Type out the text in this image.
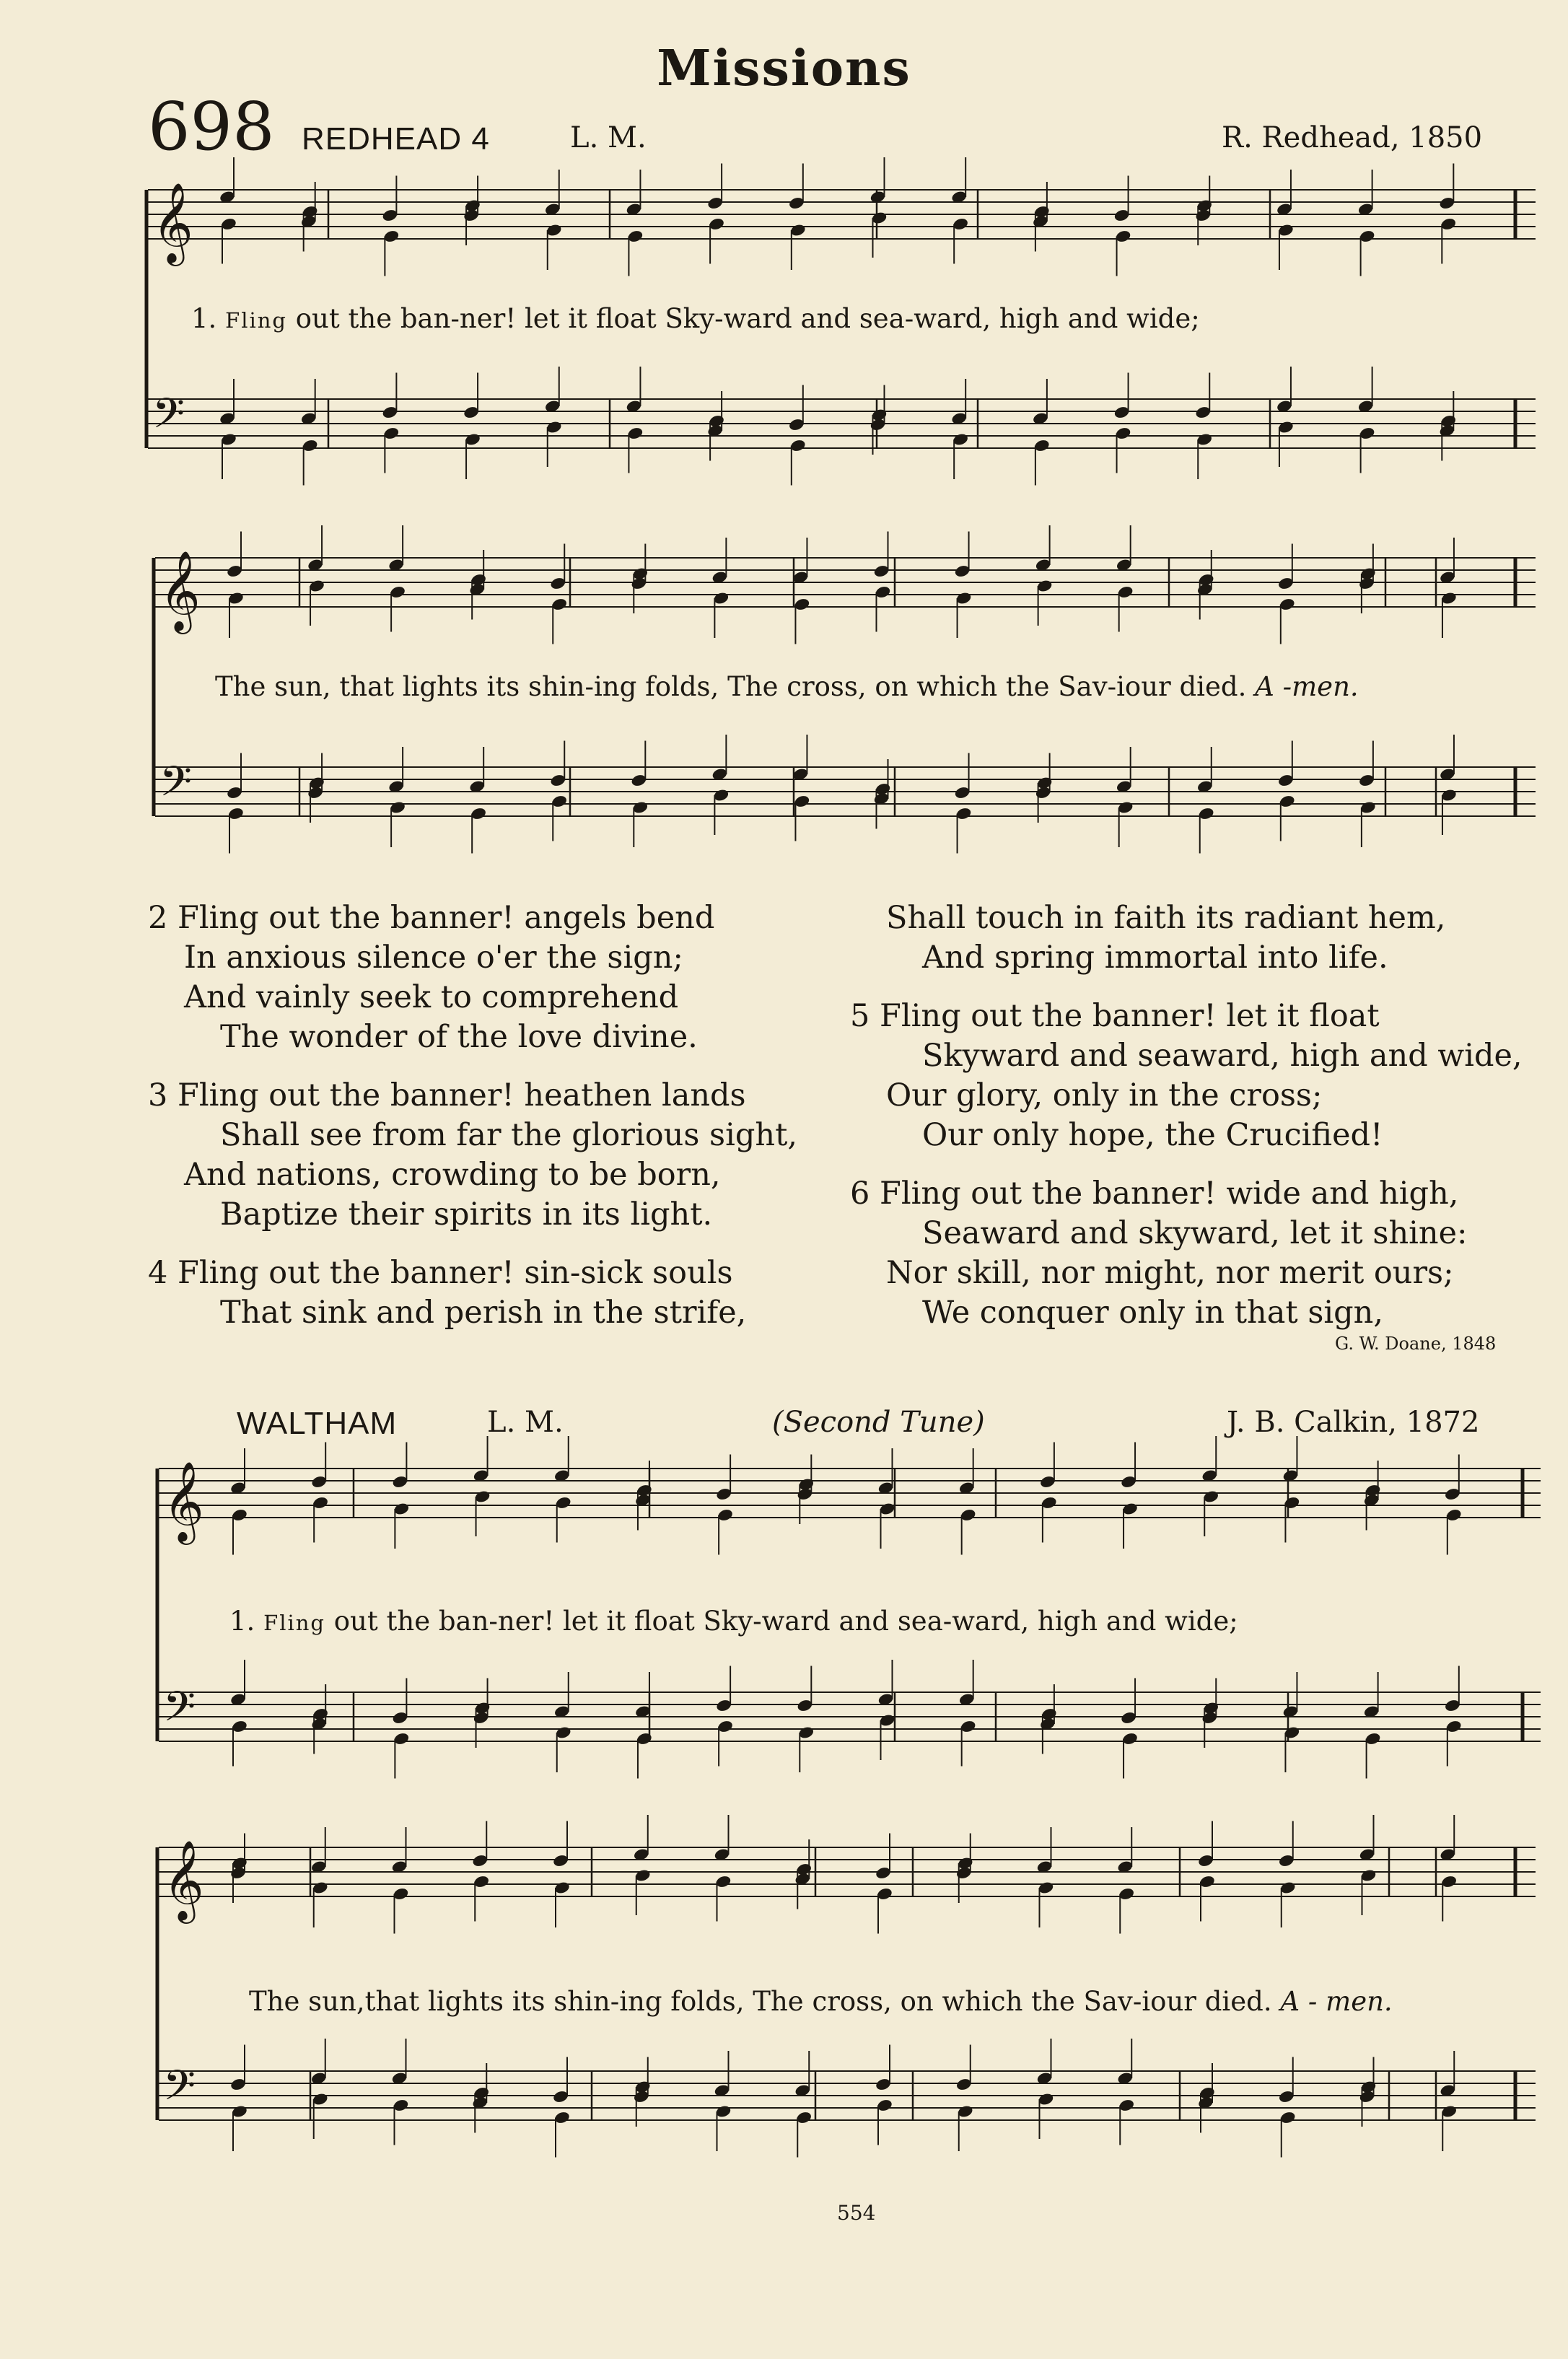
Missions
698 REDHEAD 4	L. M.	R. Redhead, 1850
𝄞
𝄢
𝄞
𝄢
𝄞
𝄢
𝄞
𝄢
1. Fling out the ban-ner! let it float Sky-ward and sea-ward, high and wide;
The sun, that lights its shin-ing folds, The cross, on which the Sav-iour died. A -men.
2 Fling out the banner! angels bend
In anxious silence o'er the sign;
And vainly seek to comprehend
The wonder of the love divine.
3 Fling out the banner! heathen lands
Shall see from far the glorious sight,
And nations, crowding to be born,
Baptize their spirits in its light.
4 Fling out the banner! sin-sick souls
That sink and perish in the strife,
Shall touch in faith its radiant hem,
And spring immortal into life.
5 Fling out the banner! let it float
Skyward and seaward, high and wide,
Our glory, only in the cross;
Our only hope, the Crucified!
6 Fling out the banner! wide and high,
Seaward and skyward, let it shine:
Nor skill, nor might, nor merit ours;
We conquer only in that sign,
G. W. Doane, 1848
WALTHAM	L. M.	(Second Tune)	J. B. Calkin, 1872
1. Fling out the ban-ner! let it float Sky-ward and sea-ward, high and wide;
The sun,that lights its shin-ing folds, The cross, on which the Sav-iour died. A - men.
554
